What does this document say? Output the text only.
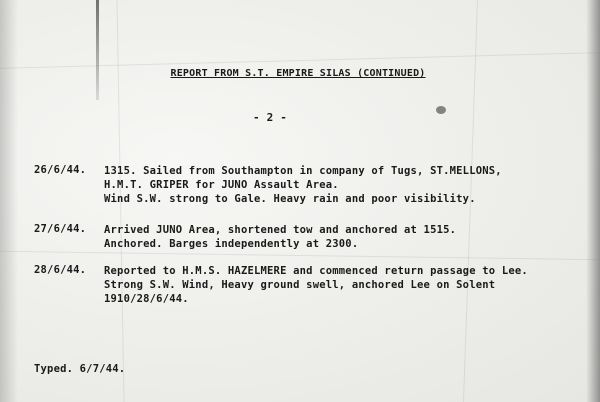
REPORT FROM S.T. EMPIRE SILAS (CONTINUED)
- 2 -
26/6/44.	1315. Sailed from Southampton in company of Tugs, ST.MELLONS,
H.M.T. GRIPER for JUNO Assault Area.
Wind S.W. strong to Gale. Heavy rain and poor visibility.
27/6/44.	Arrived JUNO Area, shortened tow and anchored at 1515.
Anchored. Barges independently at 2300.
28/6/44.	Reported to H.M.S. HAZELMERE and commenced return passage to Lee.
Strong S.W. Wind, Heavy ground swell, anchored Lee on Solent
1910/28/6/44.
Typed. 6/7/44.
